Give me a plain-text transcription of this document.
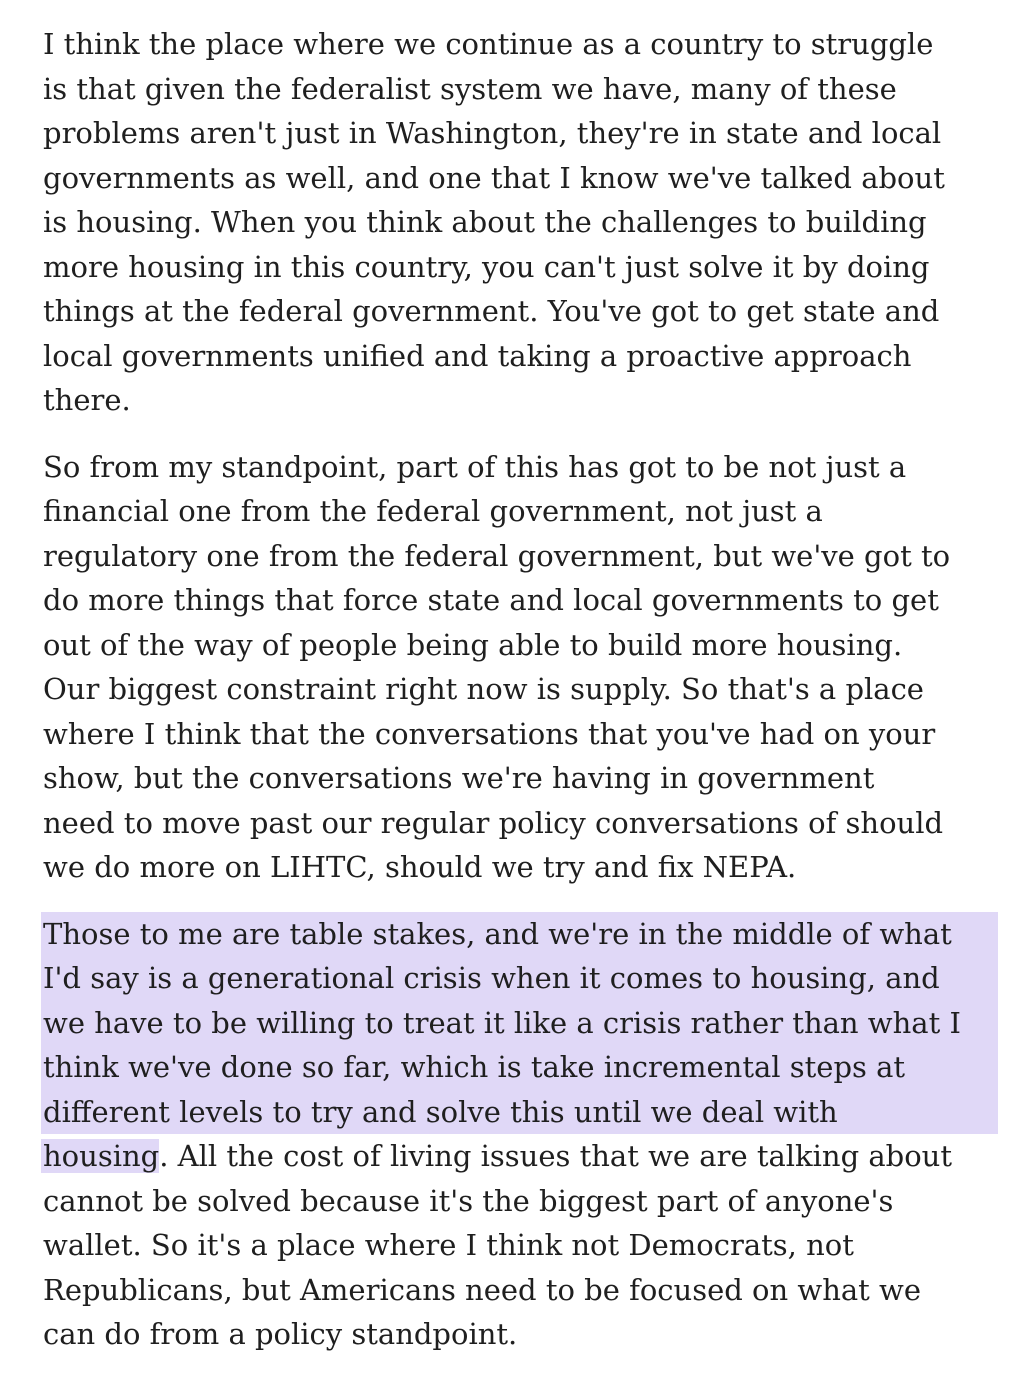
I think the place where we continue as a country to struggle
is that given the federalist system we have, many of these
problems aren't just in Washington, they're in state and local
governments as well, and one that I know we've talked about
is housing. When you think about the challenges to building
more housing in this country, you can't just solve it by doing
things at the federal government. You've got to get state and
local governments unified and taking a proactive approach
there.

So from my standpoint, part of this has got to be not just a
financial one from the federal government, not just a
regulatory one from the federal government, but we've got to
do more things that force state and local governments to get
out of the way of people being able to build more housing.
Our biggest constraint right now is supply. So that's a place
where I think that the conversations that you've had on your
show, but the conversations we're having in government
need to move past our regular policy conversations of should
we do more on LIHTC, should we try and fix NEPA.

Those to me are table stakes, and we're in the middle of what
I'd say is a generational crisis when it comes to housing, and
we have to be willing to treat it like a crisis rather than what I
think we've done so far, which is take incremental steps at
different levels to try and solve this until we deal with
housing. All the cost of living issues that we are talking about
cannot be solved because it's the biggest part of anyone's
wallet. So it's a place where I think not Democrats, not
Republicans, but Americans need to be focused on what we
can do from a policy standpoint.
